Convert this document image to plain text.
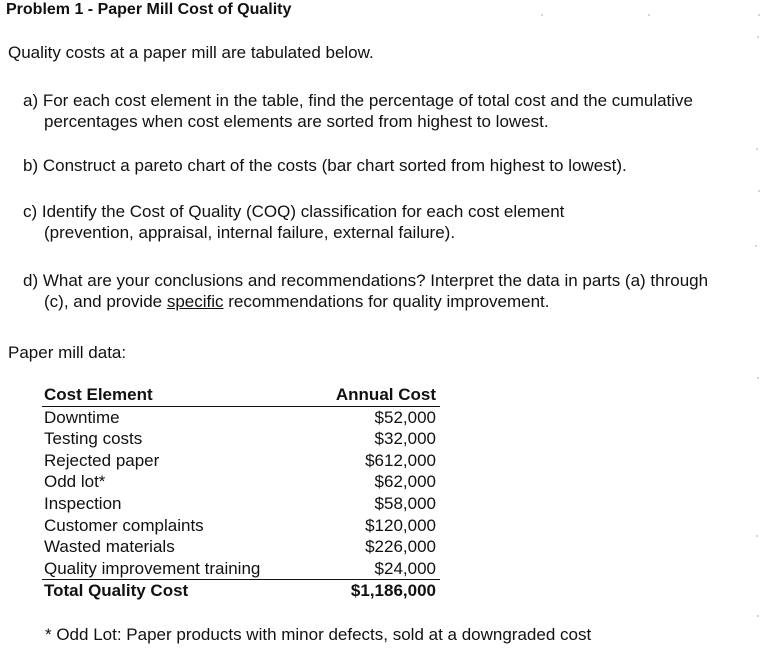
Problem 1 - Paper Mill Cost of Quality
Quality costs at a paper mill are tabulated below.
a) For each cost element in the table, find the percentage of total cost and the cumulative
percentages when cost elements are sorted from highest to lowest.
b) Construct a pareto chart of the costs (bar chart sorted from highest to lowest).
c) Identify the Cost of Quality (COQ) classification for each cost element
(prevention, appraisal, internal failure, external failure).
d) What are your conclusions and recommendations? Interpret the data in parts (a) through
(c), and provide specific recommendations for quality improvement.
Paper mill data:
Cost Element	Annual Cost
Downtime	$52,000
Testing costs	$32,000
Rejected paper	$612,000
Odd lot*	$62,000
Inspection	$58,000
Customer complaints	$120,000
Wasted materials	$226,000
Quality improvement training	$24,000
Total Quality Cost	$1,186,000
* Odd Lot: Paper products with minor defects, sold at a downgraded cost
